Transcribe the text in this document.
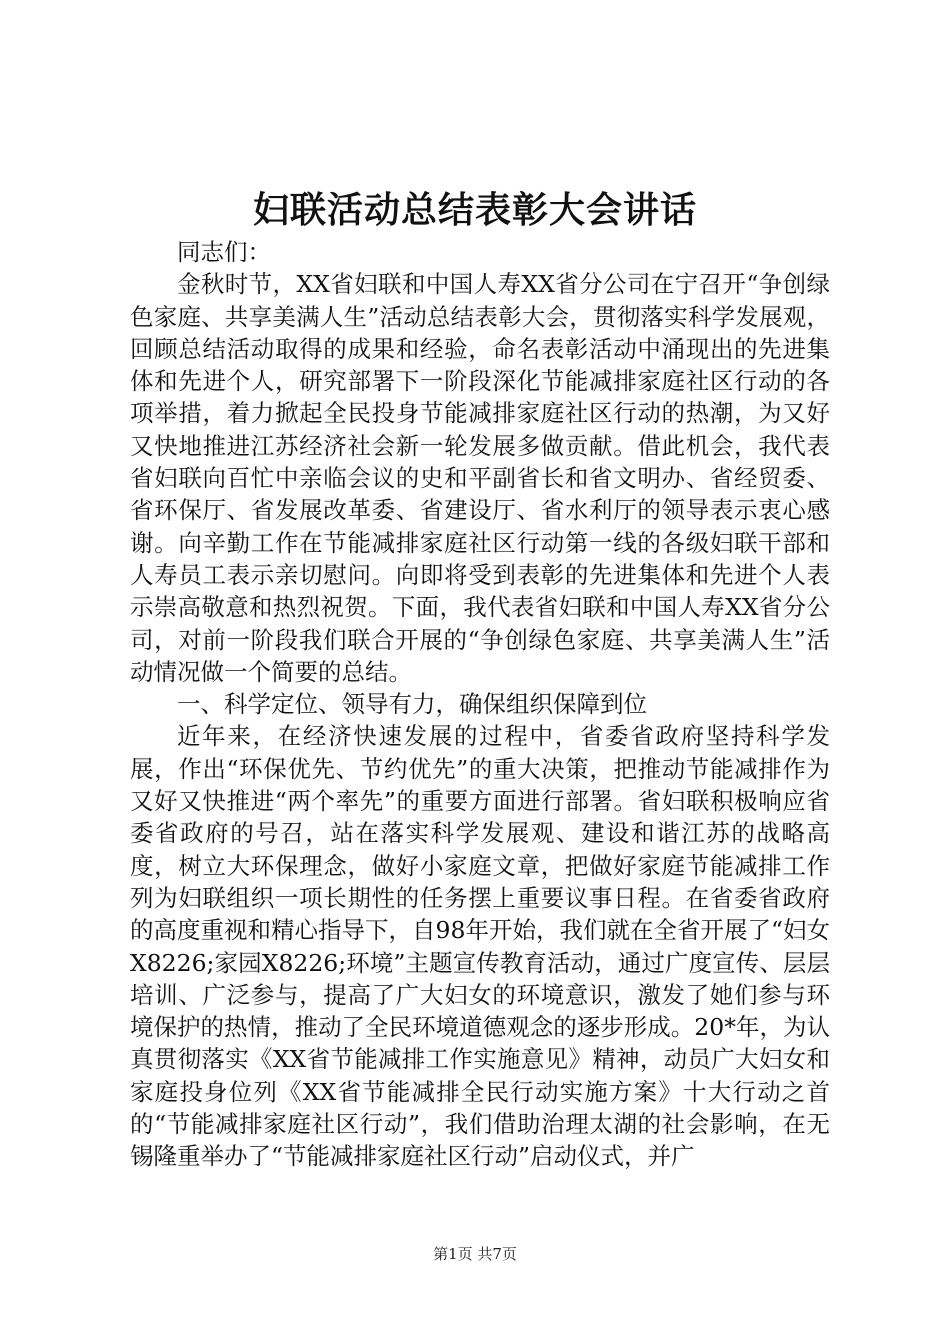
妇联活动总结表彰大会讲话

同志们：

金秋时节，XX省妇联和中国人寿XX省分公司在宁召开“争创绿色家庭、共享美满人生”活动总结表彰大会，贯彻落实科学发展观，回顾总结活动取得的成果和经验，命名表彰活动中涌现出的先进集体和先进个人，研究部署下一阶段深化节能减排家庭社区行动的各项举措，着力掀起全民投身节能减排家庭社区行动的热潮，为又好又快地推进江苏经济社会新一轮发展多做贡献。借此机会，我代表省妇联向百忙中亲临会议的史和平副省长和省文明办、省经贸委、省环保厅、省发展改革委、省建设厅、省水利厅的领导表示衷心感谢。向辛勤工作在节能减排家庭社区行动第一线的各级妇联干部和人寿员工表示亲切慰问。向即将受到表彰的先进集体和先进个人表示崇高敬意和热烈祝贺。下面，我代表省妇联和中国人寿XX省分公司，对前一阶段我们联合开展的“争创绿色家庭、共享美满人生”活动情况做一个简要的总结。

一、科学定位、领导有力，确保组织保障到位

近年来，在经济快速发展的过程中，省委省政府坚持科学发展，作出“环保优先、节约优先”的重大决策，把推动节能减排作为又好又快推进“两个率先”的重要方面进行部署。省妇联积极响应省委省政府的号召，站在落实科学发展观、建设和谐江苏的战略高度，树立大环保理念，做好小家庭文章，把做好家庭节能减排工作列为妇联组织一项长期性的任务摆上重要议事日程。在省委省政府的高度重视和精心指导下，自98年开始，我们就在全省开展了“妇女X8226;家园X8226;环境”主题宣传教育活动，通过广度宣传、层层培训、广泛参与，提高了广大妇女的环境意识，激发了她们参与环境保护的热情，推动了全民环境道德观念的逐步形成。20*年，为认真贯彻落实《XX省节能减排工作实施意见》精神，动员广大妇女和家庭投身位列《XX省节能减排全民行动实施方案》十大行动之首的“节能减排家庭社区行动”，我们借助治理太湖的社会影响，在无锡隆重举办了“节能减排家庭社区行动”启动仪式，并广

第1页 共7页
